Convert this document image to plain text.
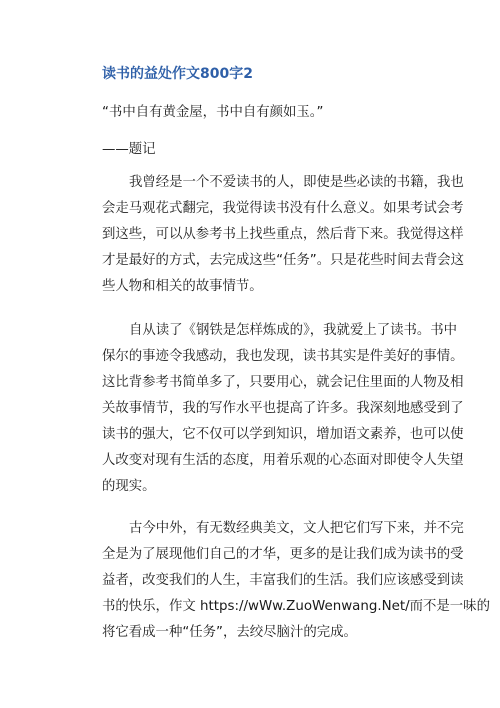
读书的益处作文800字2
“书中自有黄金屋，书中自有颜如玉。”
——题记
我曾经是一个不爱读书的人，即使是些必读的书籍，我也
会走马观花式翻完，我觉得读书没有什么意义。如果考试会考
到这些，可以从参考书上找些重点，然后背下来。我觉得这样
才是最好的方式，去完成这些“任务”。只是花些时间去背会这
些人物和相关的故事情节。
自从读了《钢铁是怎样炼成的》，我就爱上了读书。书中
保尔的事迹令我感动，我也发现，读书其实是件美好的事情。
这比背参考书简单多了，只要用心，就会记住里面的人物及相
关故事情节，我的写作水平也提高了许多。我深刻地感受到了
读书的强大，它不仅可以学到知识，增加语文素养，也可以使
人改变对现有生活的态度，用着乐观的心态面对即使令人失望
的现实。
古今中外，有无数经典美文，文人把它们写下来，并不完
全是为了展现他们自己的才华，更多的是让我们成为读书的受
益者，改变我们的人生，丰富我们的生活。我们应该感受到读
书的快乐，作文 https://wWw.ZuoWenwang.Net/而不是一味的
将它看成一种“任务”，去绞尽脑汁的完成。
